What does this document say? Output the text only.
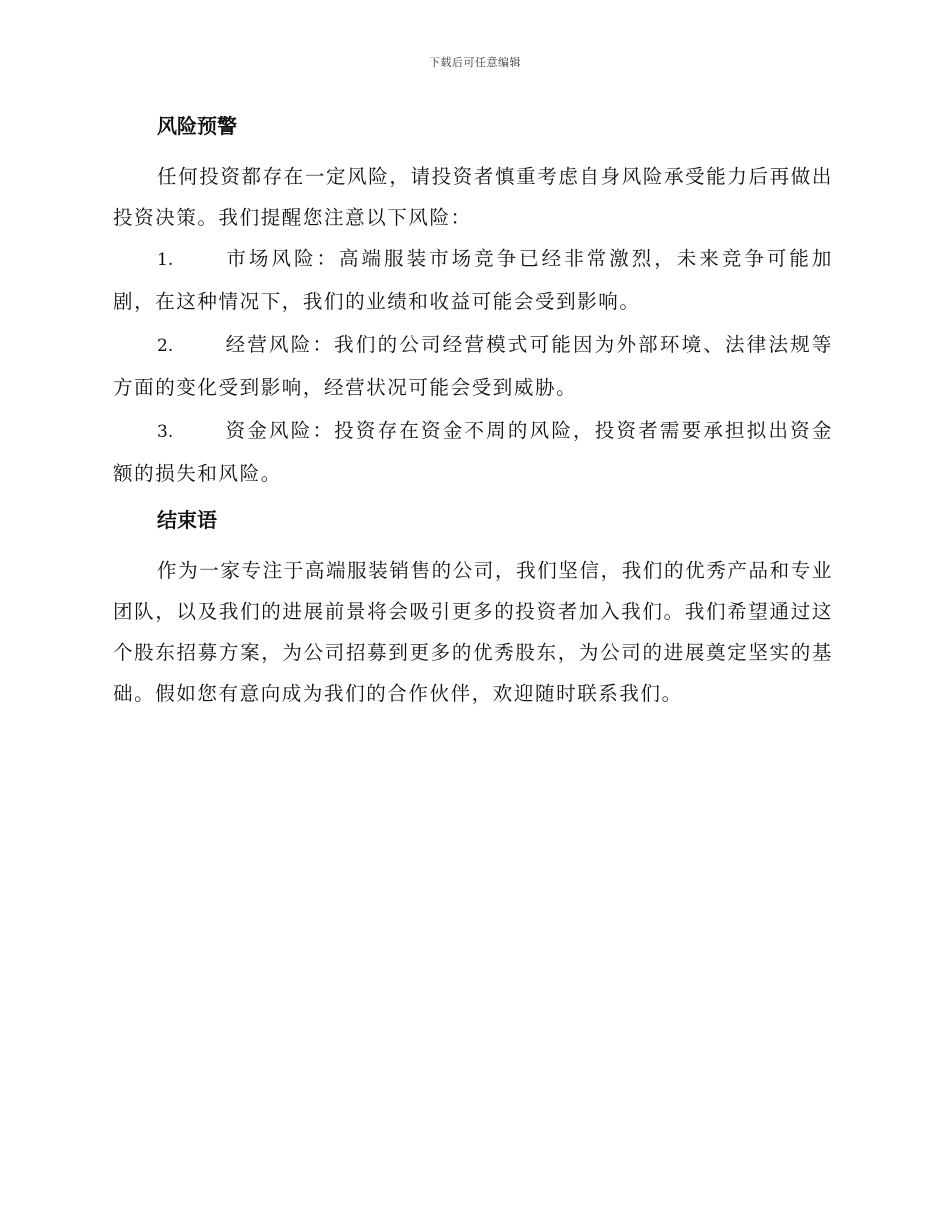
下载后可任意编辑
风险预警

任何投资都存在一定风险，请投资者慎重考虑自身风险承受能力后再做出投资决策。我们提醒您注意以下风险：

1.	市场风险：高端服装市场竞争已经非常激烈，未来竞争可能加剧，在这种情况下，我们的业绩和收益可能会受到影响。

2.	经营风险：我们的公司经营模式可能因为外部环境、法律法规等方面的变化受到影响，经营状况可能会受到威胁。

3.	资金风险：投资存在资金不周的风险，投资者需要承担拟出资金额的损失和风险。

结束语

作为一家专注于高端服装销售的公司，我们坚信，我们的优秀产品和专业团队，以及我们的进展前景将会吸引更多的投资者加入我们。我们希望通过这个股东招募方案，为公司招募到更多的优秀股东，为公司的进展奠定坚实的基础。假如您有意向成为我们的合作伙伴，欢迎随时联系我们。
